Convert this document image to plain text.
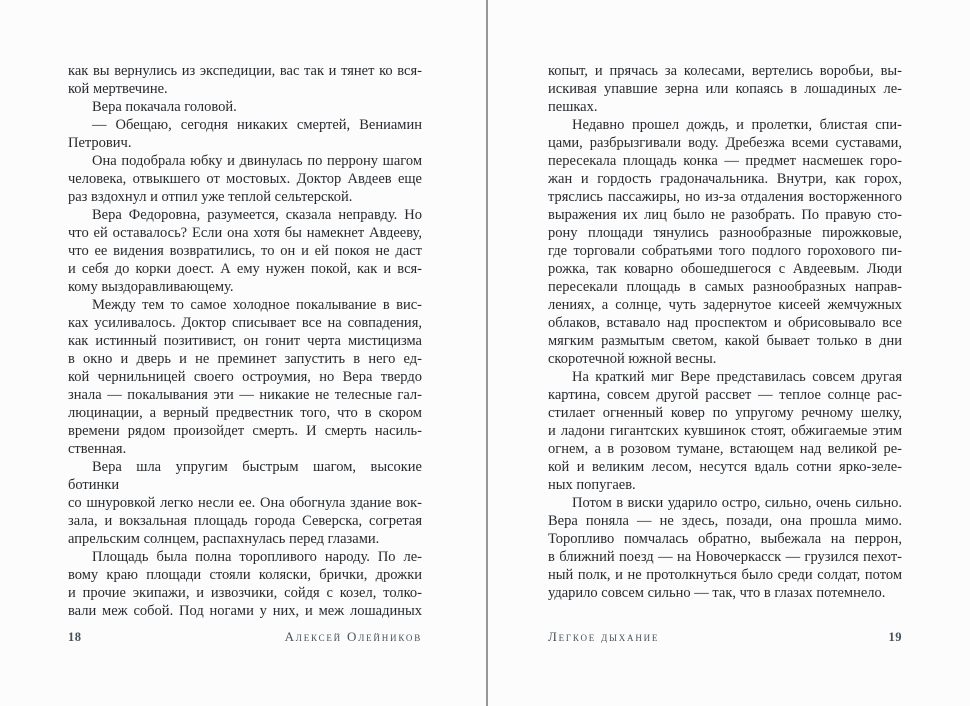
как вы вернулись из экспедиции, вас так и тянет ко вся-
кой мертвечине.
Вера покачала головой.
— Обещаю, сегодня никаких смертей, Вениамин
Петрович.
Она подобрала юбку и двинулась по перрону шагом
человека, отвыкшего от мостовых. Доктор Авдеев еще
раз вздохнул и отпил уже теплой сельтерской.
Вера Федоровна, разумеется, сказала неправду. Но
что ей оставалось? Если она хотя бы намекнет Авдееву,
что ее видения возвратились, то он и ей покоя не даст
и себя до корки доест. А ему нужен покой, как и вся-
кому выздоравливающему.
Между тем то самое холодное покалывание в вис-
ках усиливалось. Доктор списывает все на совпадения,
как истинный позитивист, он гонит черта мистицизма
в окно и дверь и не преминет запустить в него ед-
кой чернильницей своего остроумия, но Вера твердо
знала — покалывания эти — никакие не телесные гал-
люцинации, а верный предвестник того, что в скором
времени рядом произойдет смерть. И смерть насиль-
ственная.
Вера шла упругим быстрым шагом, высокие ботинки
со шнуровкой легко несли ее. Она обогнула здание вок-
зала, и вокзальная площадь города Северска, согретая
апрельским солнцем, распахнулась перед глазами.
Площадь была полна торопливого народу. По ле-
вому краю площади стояли коляски, брички, дрожки
и прочие экипажи, и извозчики, сойдя с козел, толко-
вали меж собой. Под ногами у них, и меж лошадиных
18	Алексей Олейников
копыт, и прячась за колесами, вертелись воробьи, вы-
искивая упавшие зерна или копаясь в лошадиных ле-
пешках.
Недавно прошел дождь, и пролетки, блистая спи-
цами, разбрызгивали воду. Дребезжа всеми суставами,
пересекала площадь конка — предмет насмешек горо-
жан и гордость градоначальника. Внутри, как горох,
тряслись пассажиры, но из-за отдаления восторженного
выражения их лиц было не разобрать. По правую сто-
рону площади тянулись разнообразные пирожковые,
где торговали собратьями того подлого горохового пи-
рожка, так коварно обошедшегося с Авдеевым. Люди
пересекали площадь в самых разнообразных направ-
лениях, а солнце, чуть задернутое кисеей жемчужных
облаков, вставало над проспектом и обрисовывало все
мягким размытым светом, какой бывает только в дни
скоротечной южной весны.
На краткий миг Вере представилась совсем другая
картина, совсем другой рассвет — теплое солнце рас-
стилает огненный ковер по упругому речному шелку,
и ладони гигантских кувшинок стоят, обжигаемые этим
огнем, а в розовом тумане, встающем над великой ре-
кой и великим лесом, несутся вдаль сотни ярко-зеле-
ных попугаев.
Потом в виски ударило остро, сильно, очень сильно.
Вера поняла — не здесь, позади, она прошла мимо.
Торопливо помчалась обратно, выбежала на перрон,
в ближний поезд — на Новочеркасск — грузился пехот-
ный полк, и не протолкнуться было среди солдат, потом
ударило совсем сильно — так, что в глазах потемнело.
Легкое дыхание	19
